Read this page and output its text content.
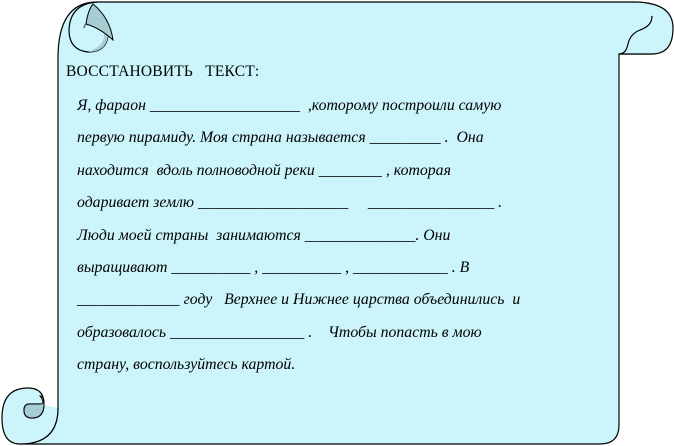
ВОССТАНОВИТЬ   ТЕКСТ:
Я, фараон ___________________  ,которому построили самую
первую пирамиду. Моя страна называется _________ .  Она
находится  вдоль полноводной реки ________ , которая
одаривает землю ___________________     ________________ .
Люди моей страны  занимаются ______________. Они
выращивают __________ , __________ , ____________ . В
_____________ году   Верхнее и Нижнее царства объединились  и
образовалось _________________ .    Чтобы попасть в мою
страну, воспользуйтесь картой.
